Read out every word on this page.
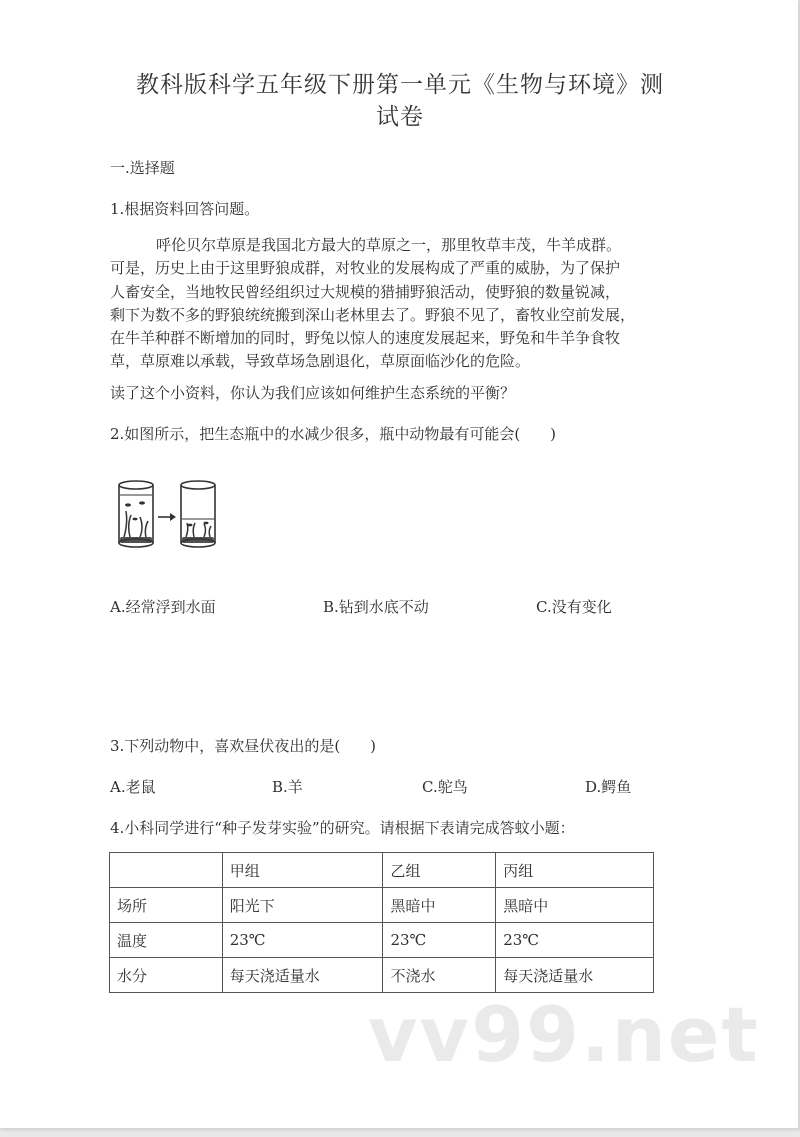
教科版科学五年级下册第一单元《生物与环境》测
试卷
一.选择题
1.根据资料回答问题。
呼伦贝尔草原是我国北方最大的草原之一，那里牧草丰茂，牛羊成群。
可是，历史上由于这里野狼成群，对牧业的发展构成了严重的威胁，为了保护
人畜安全，当地牧民曾经组织过大规模的猎捕野狼活动，使野狼的数量锐减，
剩下为数不多的野狼统统搬到深山老林里去了。野狼不见了，畜牧业空前发展，
在牛羊种群不断增加的同时，野兔以惊人的速度发展起来，野兔和牛羊争食牧
草，草原难以承载，导致草场急剧退化，草原面临沙化的危险。
读了这个小资料，你认为我们应该如何维护生态系统的平衡？
2.如图所示，把生态瓶中的水减少很多，瓶中动物最有可能会(　　)
A.经常浮到水面	B.钻到水底不动	C.没有变化
3.下列动物中，喜欢昼伏夜出的是(　　)
A.老鼠	B.羊	C.鸵鸟	D.鳄鱼
4.小科同学进行“种子发芽实验”的研究。请根据下表请完成答蚊小题：
	甲组	乙组	丙组
场所	阳光下	黑暗中	黑暗中
温度	23℃	23℃	23℃
水分	每天浇适量水	不浇水	每天浇适量水
vv99.net
